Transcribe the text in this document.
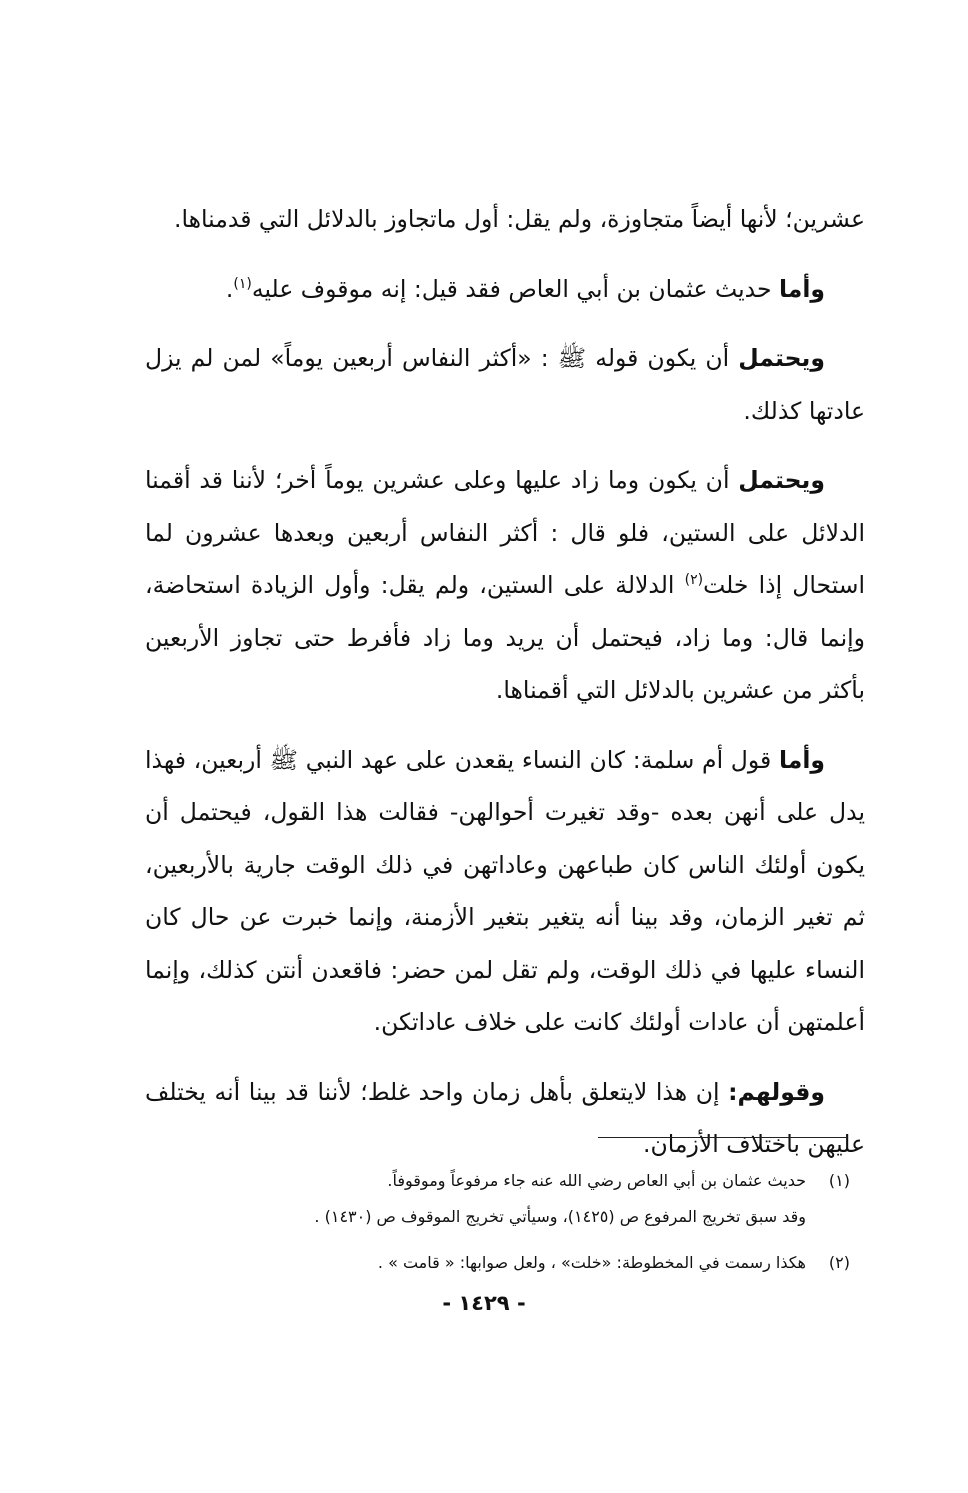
عشرين؛ لأنها أيضاً متجاوزة، ولم يقل: أول ماتجاوز بالدلائل التي قدمناها.

وأما حديث عثمان بن أبي العاص فقد قيل: إنه موقوف عليه$^{(١)}$.

ويحتمل أن يكون قوله ﷺ : «أكثر النفاس أربعين يوماً» لمن لم يزل عادتها كذلك.

ويحتمل أن يكون وما زاد عليها وعلى عشرين يوماً أخر؛ لأننا قد أقمنا الدلائل على الستين، فلو قال : أكثر النفاس أربعين وبعدها عشرون لما استحال إذا خلت$^{(٢)}$ الدلالة على الستين، ولم يقل: وأول الزيادة استحاضة، وإنما قال: وما زاد، فيحتمل أن يريد وما زاد فأفرط حتى تجاوز الأربعين بأكثر من عشرين بالدلائل التي أقمناها.

وأما قول أم سلمة: كان النساء يقعدن على عهد النبي ﷺ أربعين، فهذا يدل على أنهن بعده -وقد تغيرت أحوالهن- فقالت هذا القول، فيحتمل أن يكون أولئك الناس كان طباعهن وعاداتهن في ذلك الوقت جارية بالأربعين، ثم تغير الزمان، وقد بينا أنه يتغير بتغير الأزمنة، وإنما خبرت عن حال كان النساء عليها في ذلك الوقت، ولم تقل لمن حضر: فاقعدن أنتن كذلك، وإنما أعلمتهن أن عادات أولئك كانت على خلاف عاداتكن.

وقولهم: إن هذا لايتعلق بأهل زمان واحد غلط؛ لأننا قد بينا أنه يختلف عليهن باختلاف الأزمان.

(١)
حديث عثمان بن أبي العاص رضي الله عنه جاء مرفوعاً وموقوفاً.
وقد سبق تخريج المرفوع ص (١٤٢٥)، وسيأتي تخريج الموقوف ص (١٤٣٠) .
(٢)
هكذا رسمت في المخطوطة: «خلت» ، ولعل صوابها: « قامت » .
- ١٤٢٩ -
